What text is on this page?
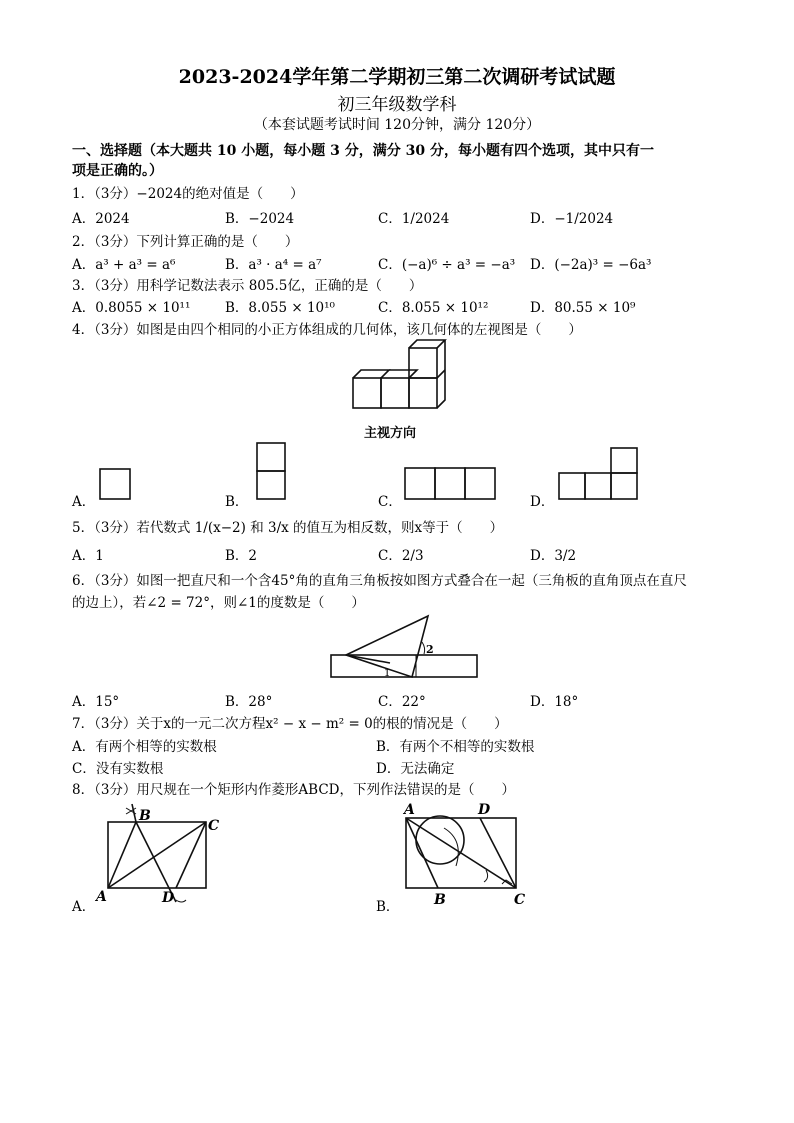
2023-2024学年第二学期初三第二次调研考试试题
初三年级数学科
（本套试题考试时间 120分钟，满分 120分）
一、选择题（本大题共 10 小题，每小题 3 分，满分 30 分，每小题有四个选项，其中只有一
项是正确的。）
1．（3分）−2024的绝对值是（　　）
A．2024	B．−2024	C．1/2024	D．−1/2024
2．（3分）下列计算正确的是（　　）
A．a³ + a³ = a⁶	B．a³ · a⁴ = a⁷	C．(−a)⁶ ÷ a³ = −a³ D．(−2a)³ = −6a³
3．（3分）用科学记数法表示 805.5亿，正确的是（　　）
A．0.8055 × 10¹¹	B．8.055 × 10¹⁰	C．8.055 × 10¹²	D．80.55 × 10⁹
4．（3分）如图是由四个相同的小正方体组成的几何体，该几何体的左视图是（　　）
主视方向
A．	B．	C．	D．
5．（3分）若代数式 1/(x−2) 和 3/x 的值互为相反数，则x等于（　　）
A．1	B．2	C．2/3	D．3/2
6．（3分）如图一把直尺和一个含45°角的直角三角板按如图方式叠合在一起（三角板的直角顶点在直尺
的边上），若∠2 = 72°，则∠1的度数是（　　）
2
1
A．15°	B．28°	C．22°	D．18°
7．（3分）关于x的一元二次方程x² − x − m² = 0的根的情况是（　　）
A．有两个相等的实数根	B．有两个不相等的实数根
C．没有实数根	D．无法确定
8．（3分）用尺规在一个矩形内作菱形ABCD，下列作法错误的是（　　）
A
B
C
D
A．
A
B	C
D
B．
